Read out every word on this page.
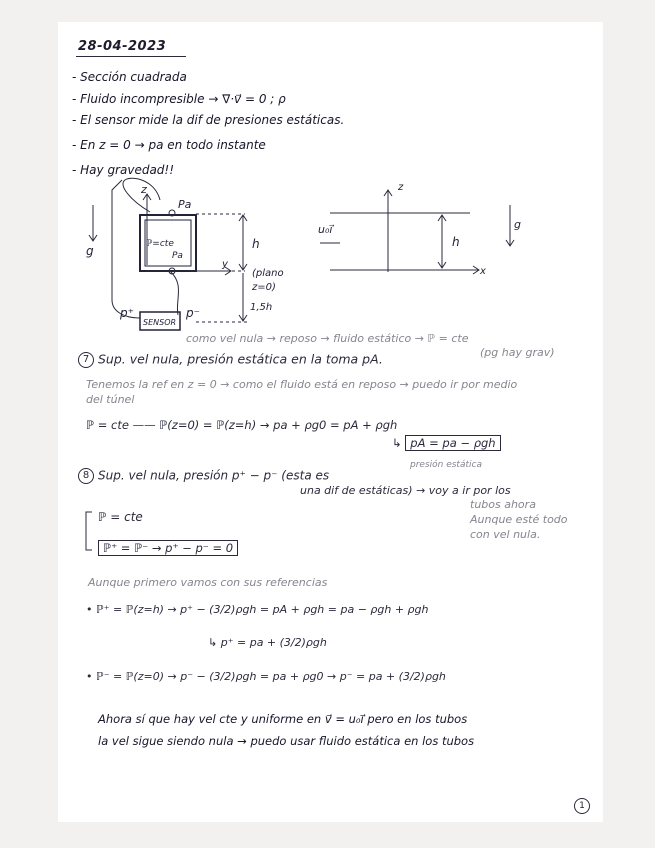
28-04-2023
- Sección cuadrada
- Fluido incompresible → ∇·v⃗ = 0 ; ρ
- El sensor mide la dif de presiones estáticas.
- En z = 0 → pa en todo instante
- Hay gravedad!!
g
z
Pa
ℙ=cte
Pa
y
h
(plano
z=0)
1,5h
p⁺	p⁻
SENSOR
u₀i⃗
z
h
x
g
como vel nula → reposo → fluido estático → ℙ = cte
(pg hay grav)
7 Sup. vel nula, presión estática en la toma pA.
Tenemos la ref en z = 0 → como el fluido está en reposo → puedo ir por medio
del túnel
ℙ = cte —— ℙ(z=0) = ℙ(z=h) → pa + ρg0 = pA + ρgh
↳ pA = pa − ρgh
presión estática
8 Sup. vel nula, presión p⁺ − p⁻ (esta es
una dif de estáticas) → voy a ir por los
tubos ahora
Aunque esté todo
con vel nula.
ℙ = cte
ℙ⁺ = ℙ⁻ → p⁺ − p⁻ = 0
Aunque primero vamos con sus referencias
• ℙ⁺ = ℙ(z=h) → p⁺ − (3/2)ρgh = pA + ρgh = pa − ρgh + ρgh
↳ p⁺ = pa + (3/2)ρgh
• ℙ⁻ = ℙ(z=0) → p⁻ − (3/2)ρgh = pa + ρg0 → p⁻ = pa + (3/2)ρgh
Ahora sí que hay vel cte y uniforme en v⃗ = u₀i⃗ pero en los tubos
la vel sigue siendo nula → puedo usar fluido estática en los tubos
1
